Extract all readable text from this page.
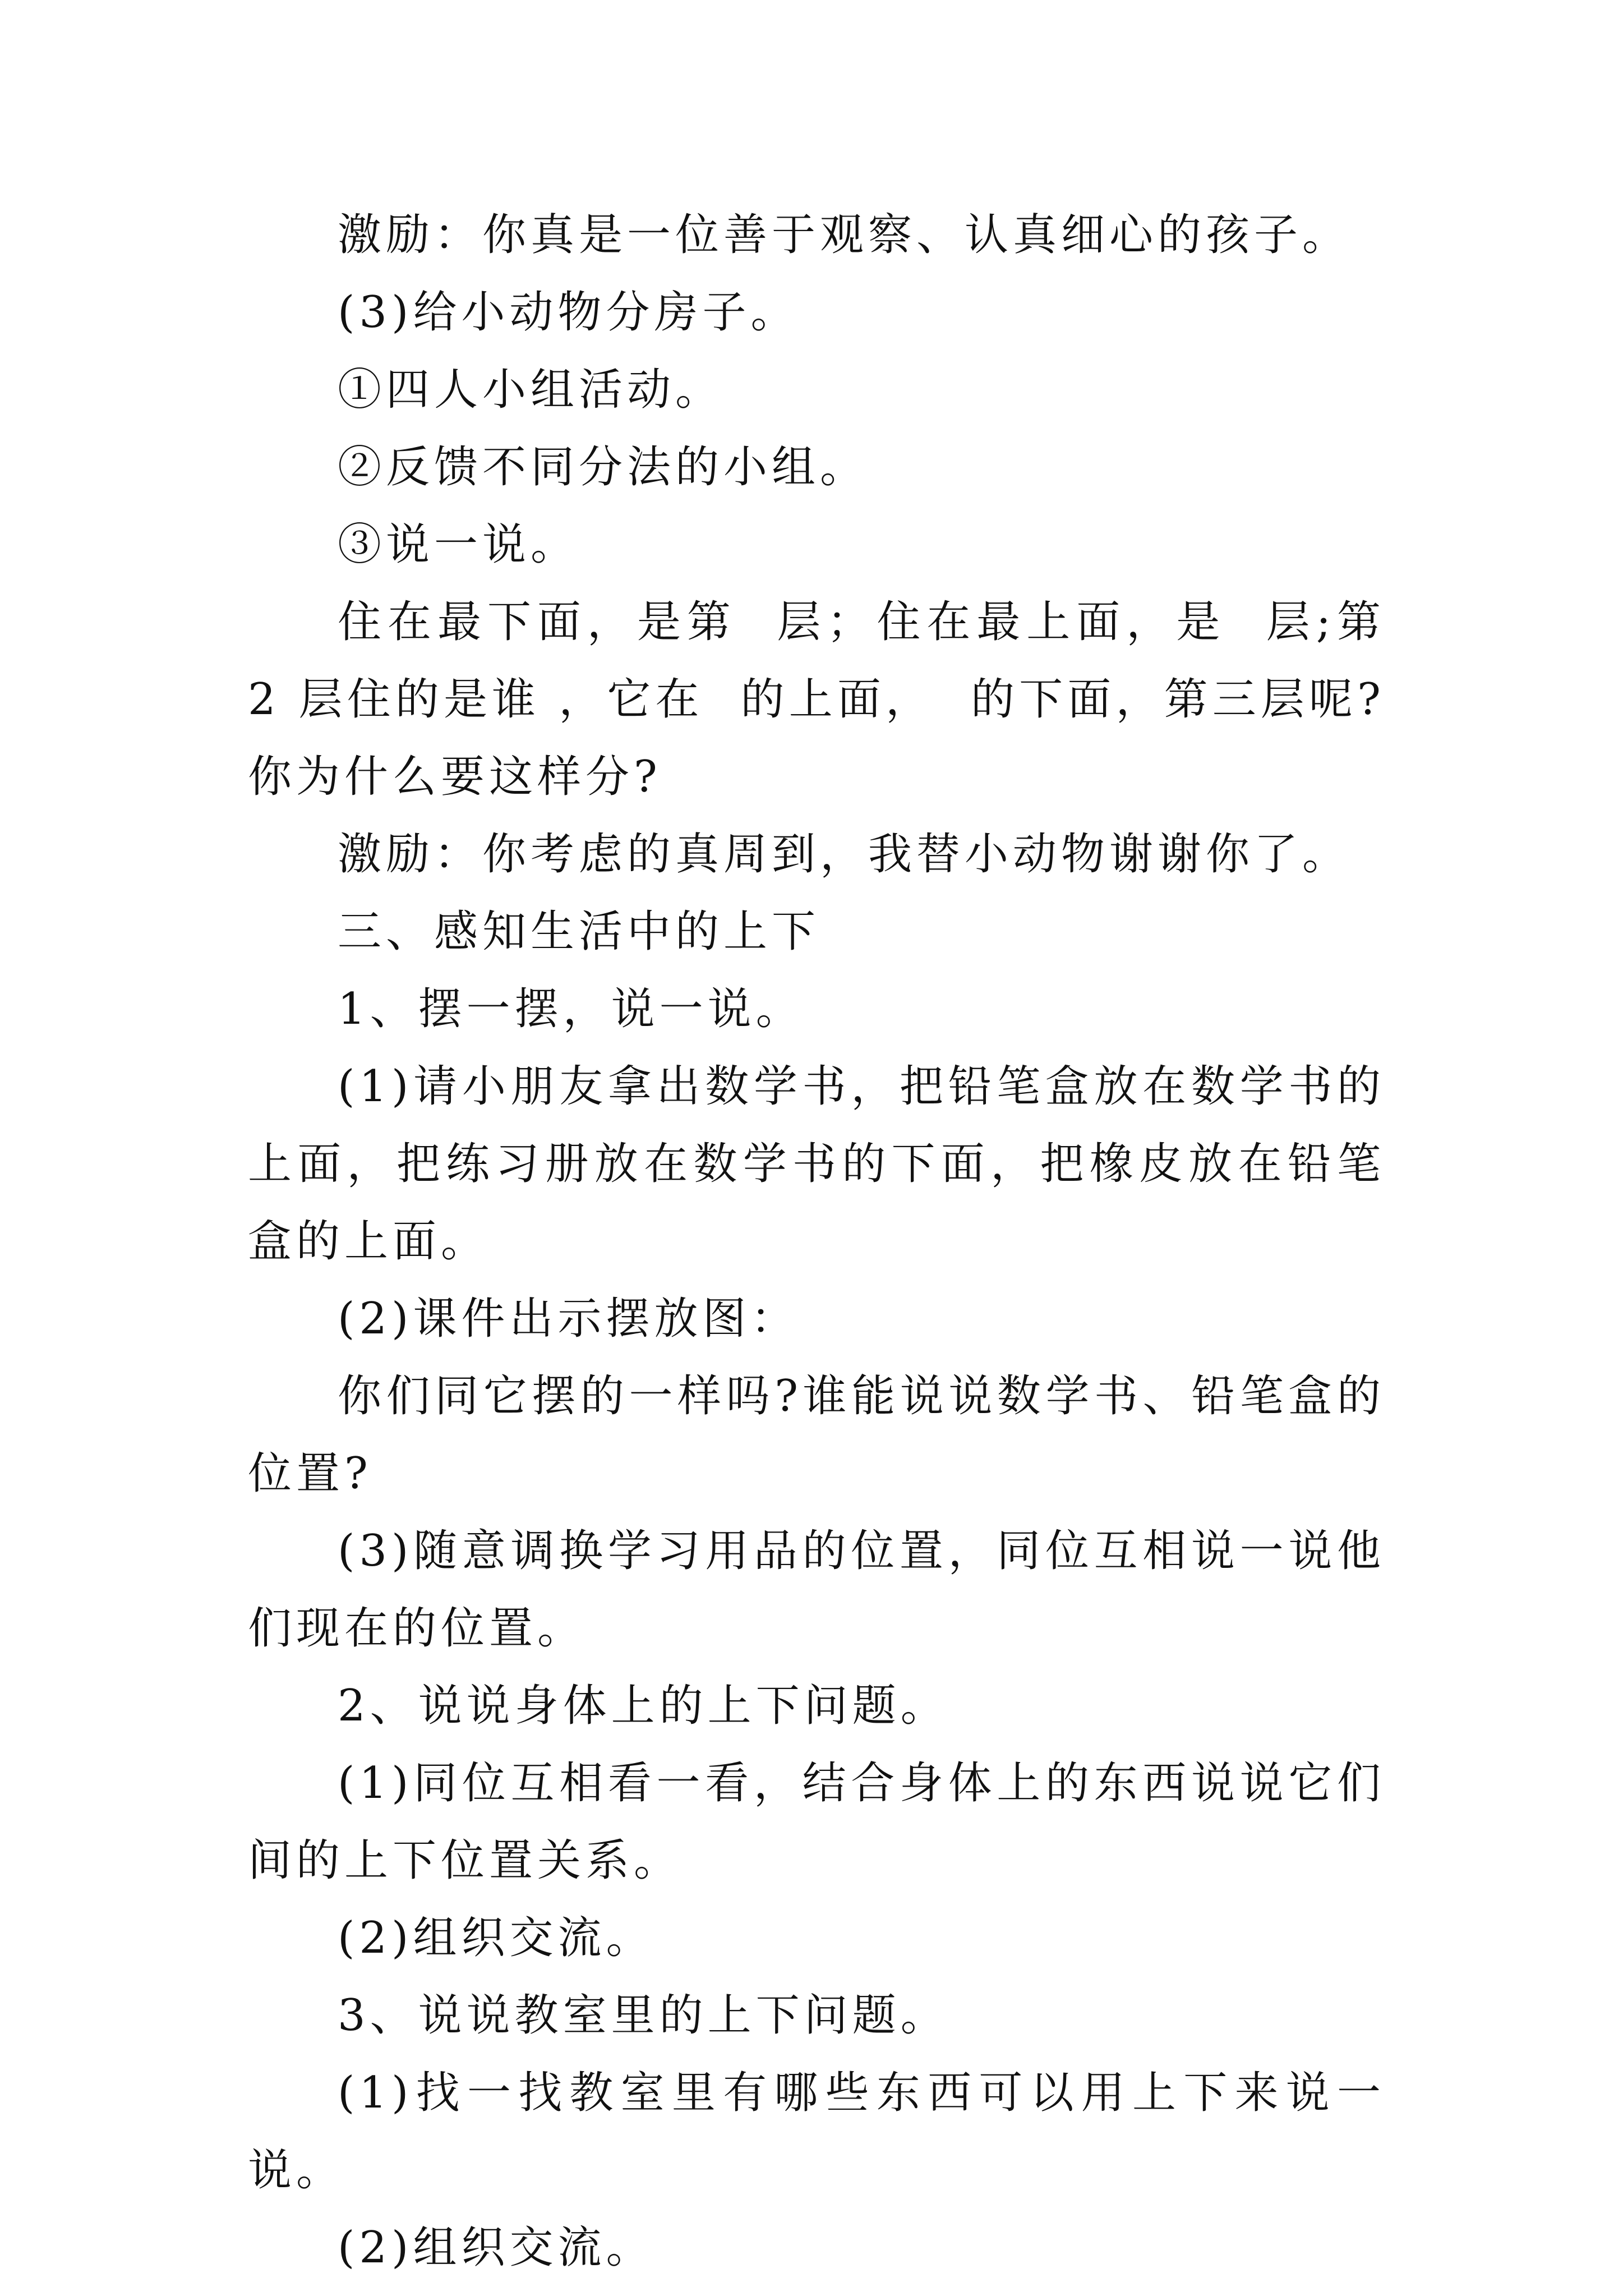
激励：你真是一位善于观察、认真细心的孩子。

(3)给小动物分房子。

①四人小组活动。

②反馈不同分法的小组。

③说一说。

住在最下面，是第  层；住在最上面，是  层;第 2 层住的是谁 ，它在  的上面，  的下面，第三层呢?你为什么要这样分?

激励：你考虑的真周到，我替小动物谢谢你了。

三、感知生活中的上下

1、摆一摆，说一说。

(1)请小朋友拿出数学书，把铅笔盒放在数学书的上面，把练习册放在数学书的下面，把橡皮放在铅笔盒的上面。

(2)课件出示摆放图：

你们同它摆的一样吗?谁能说说数学书、铅笔盒的位置?

(3)随意调换学习用品的位置，同位互相说一说他们现在的位置。

2、说说身体上的上下问题。

(1)同位互相看一看，结合身体上的东西说说它们间的上下位置关系。

(2)组织交流。

3、说说教室里的上下问题。

(1)找一找教室里有哪些东西可以用上下来说一说。

(2)组织交流。
